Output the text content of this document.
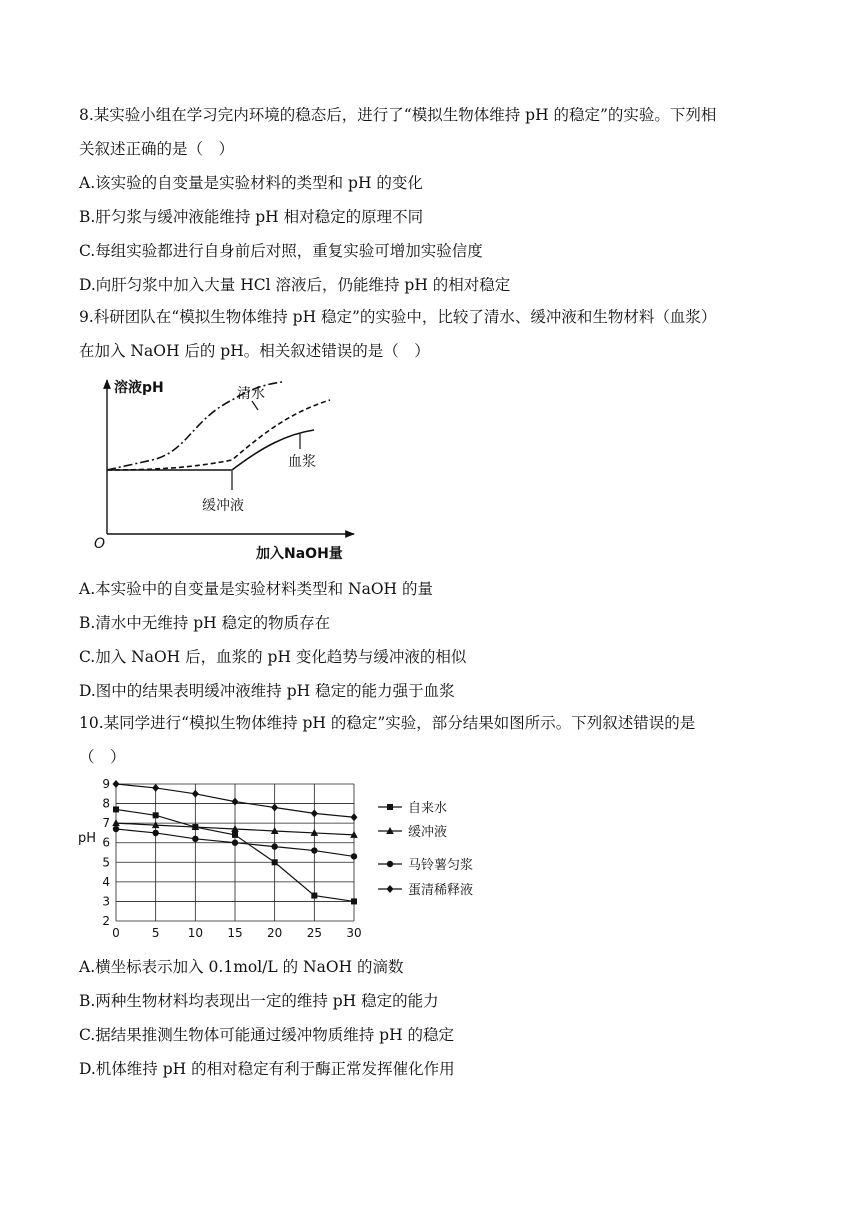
8.某实验小组在学习完内环境的稳态后，进行了“模拟生物体维持 pH 的稳定”的实验。下列相
关叙述正确的是（　）
A.该实验的自变量是实验材料的类型和 pH 的变化
B.肝匀浆与缓冲液能维持 pH 相对稳定的原理不同
C.每组实验都进行自身前后对照，重复实验可增加实验信度
D.向肝匀浆中加入大量 HCl 溶液后，仍能维持 pH 的相对稳定
9.科研团队在“模拟生物体维持 pH 稳定”的实验中，比较了清水、缓冲液和生物材料（血浆）
在加入 NaOH 后的 pH。相关叙述错误的是（　）
溶液pH
加入NaOH量
O
清水
血浆
缓冲液
A.本实验中的自变量是实验材料类型和 NaOH 的量
B.清水中无维持 pH 稳定的物质存在
C.加入 NaOH 后，血浆的 pH 变化趋势与缓冲液的相似
D.图中的结果表明缓冲液维持 pH 稳定的能力强于血浆
10.某同学进行“模拟生物体维持 pH 的稳定”实验，部分结果如图所示。下列叙述错误的是
（　）
2
3
4
5
6
7
8
9
0	5 10 15 20 25 30
pH
自来水
缓冲液
马铃薯匀浆
蛋清稀释液
A.横坐标表示加入 0.1mol/L 的 NaOH 的滴数
B.两种生物材料均表现出一定的维持 pH 稳定的能力
C.据结果推测生物体可能通过缓冲物质维持 pH 的稳定
D.机体维持 pH 的相对稳定有利于酶正常发挥催化作用
